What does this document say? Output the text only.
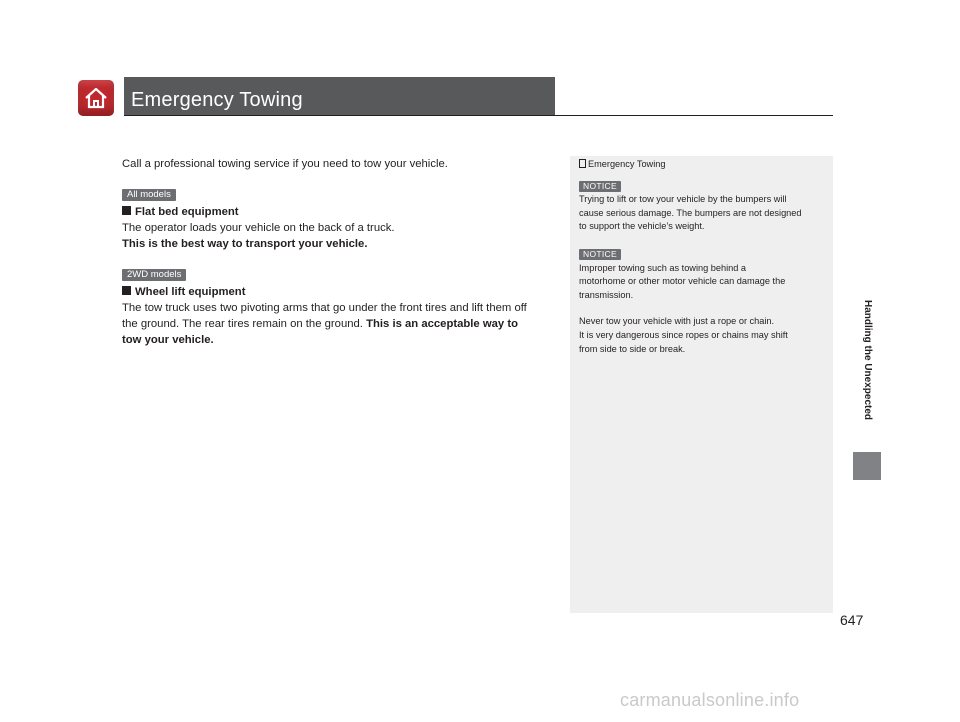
Emergency Towing

Call a professional towing service if you need to tow your vehicle.

All models

Flat bed equipment

The operator loads your vehicle on the back of a truck.

This is the best way to transport your vehicle.

2WD models

Wheel lift equipment

The tow truck uses two pivoting arms that go under the front tires and lift them off

the ground. The rear tires remain on the ground. This is an acceptable way to

tow your vehicle.

Emergency Towing
NOTICE

Trying to lift or tow your vehicle by the bumpers will

cause serious damage. The bumpers are not designed

to support the vehicle’s weight.

NOTICE

Improper towing such as towing behind a

motorhome or other motor vehicle can damage the

transmission.

Never tow your vehicle with just a rope or chain.

It is very dangerous since ropes or chains may shift

from side to side or break.	Handling the Unexpected
647
carmanualsonline.info
